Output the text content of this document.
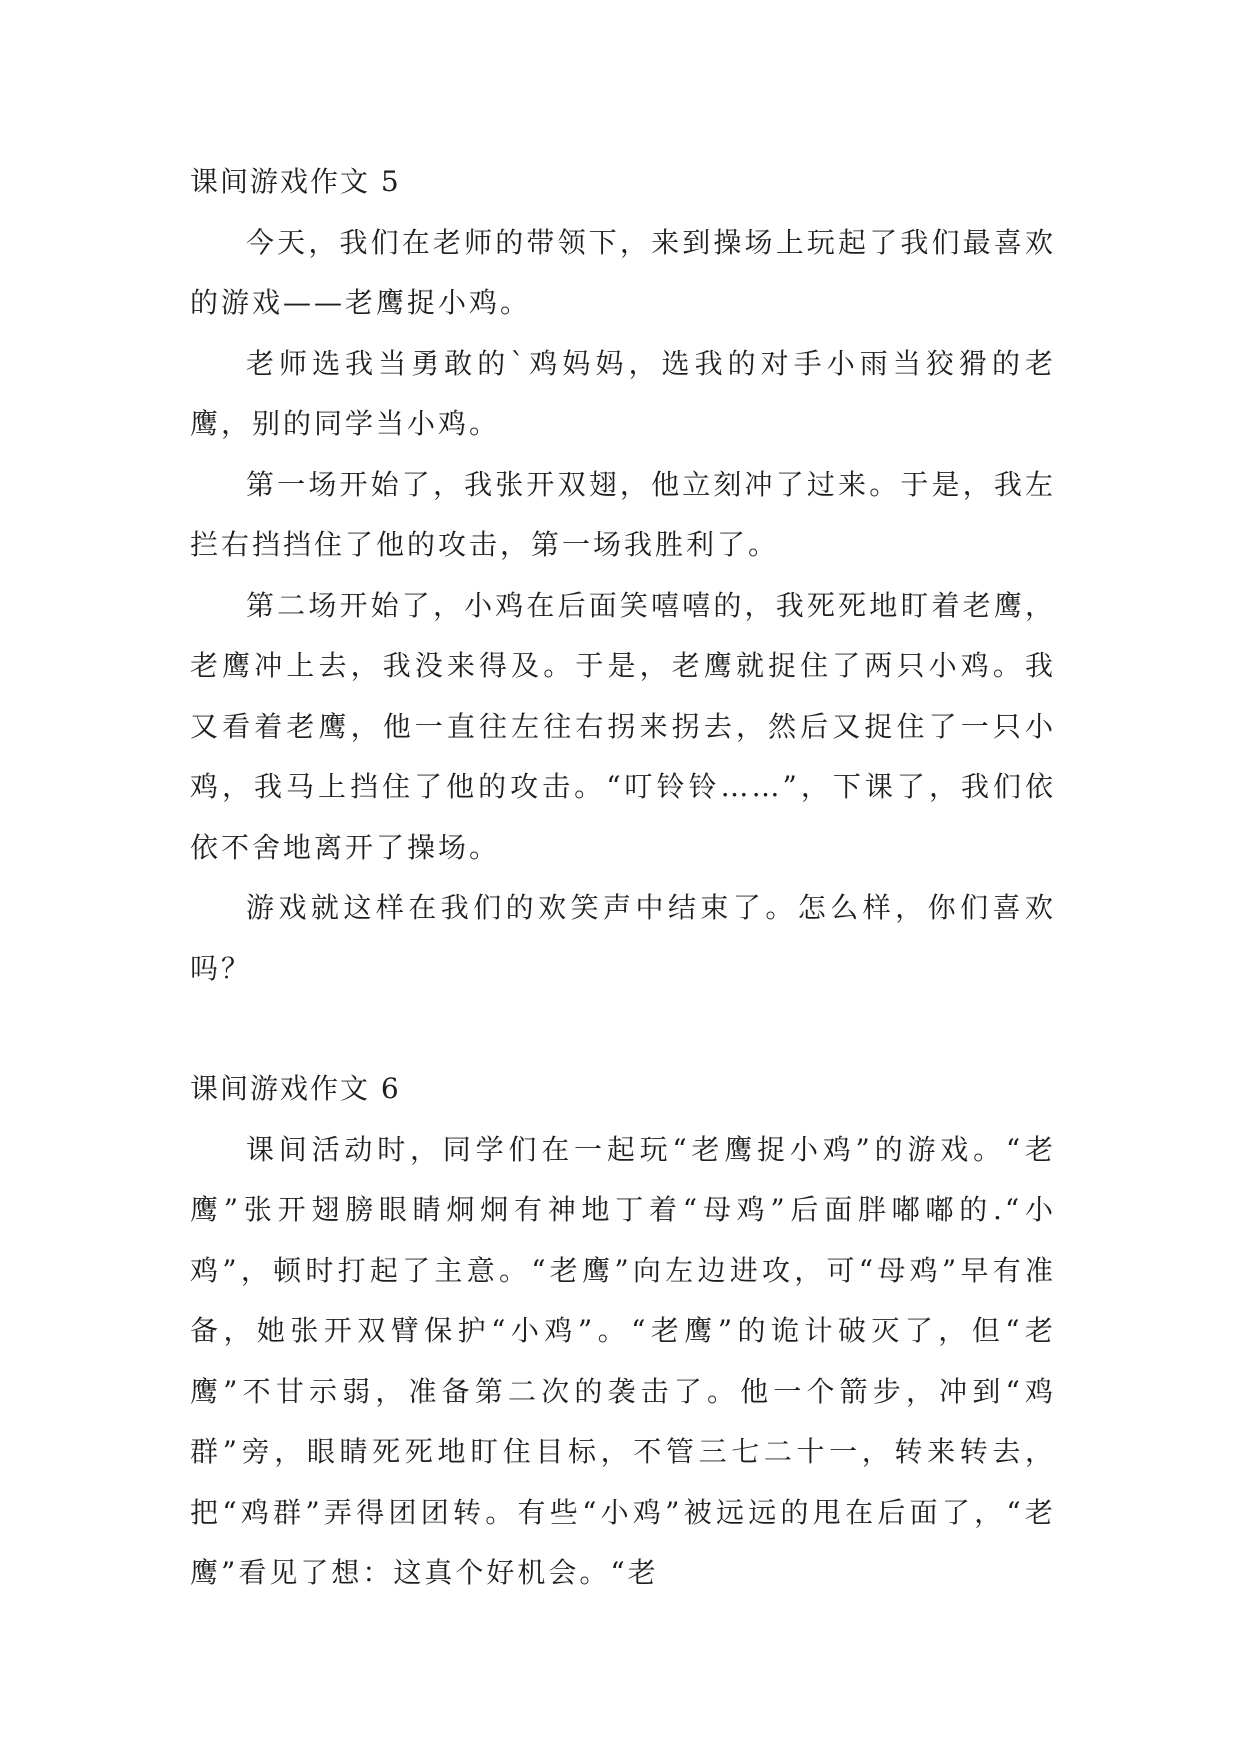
课间游戏作文 5

今天，我们在老师的带领下，来到操场上玩起了我们最喜欢的游戏——老鹰捉小鸡。

老师选我当勇敢的`鸡妈妈，选我的对手小雨当狡猾的老鹰，别的同学当小鸡。

第一场开始了，我张开双翅，他立刻冲了过来。于是，我左拦右挡挡住了他的攻击，第一场我胜利了。

第二场开始了，小鸡在后面笑嘻嘻的，我死死地盯着老鹰，老鹰冲上去，我没来得及。于是，老鹰就捉住了两只小鸡。我又看着老鹰，他一直往左往右拐来拐去，然后又捉住了一只小鸡，我马上挡住了他的攻击。“叮铃铃……”，下课了，我们依依不舍地离开了操场。

游戏就这样在我们的欢笑声中结束了。怎么样，你们喜欢吗？

课间游戏作文 6

课间活动时，同学们在一起玩“老鹰捉小鸡”的游戏。“老鹰”张开翅膀眼睛炯炯有神地丁着“母鸡”后面胖嘟嘟的.“小鸡”，顿时打起了主意。“老鹰”向左边进攻，可“母鸡”早有准备，她张开双臂保护“小鸡”。“老鹰”的诡计破灭了，但“老鹰”不甘示弱，准备第二次的袭击了。他一个箭步，冲到“鸡群”旁，眼睛死死地盯住目标，不管三七二十一，转来转去，把“鸡群”弄得团团转。有些“小鸡”被远远的甩在后面了，“老鹰”看见了想：这真个好机会。“老
